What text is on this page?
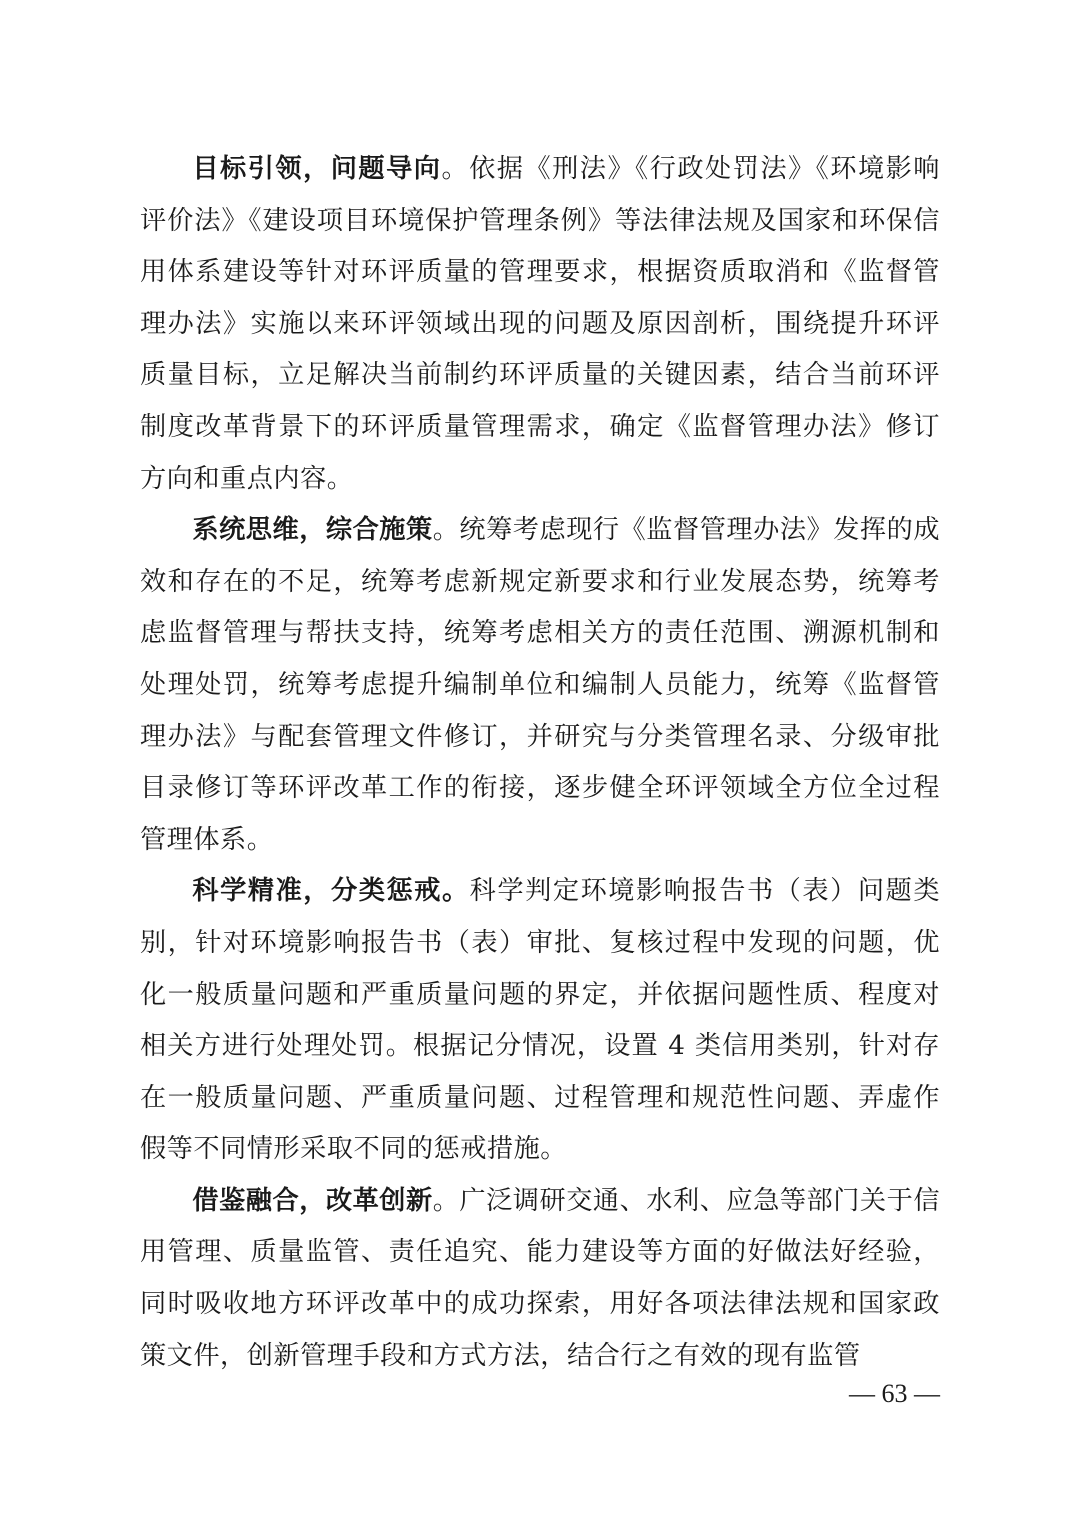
目标引领，问题导向。依据《刑法》《行政处罚法》《环境影响评价法》《建设项目环境保护管理条例》等法律法规及国家和环保信用体系建设等针对环评质量的管理要求，根据资质取消和《监督管理办法》实施以来环评领域出现的问题及原因剖析，围绕提升环评质量目标，立足解决当前制约环评质量的关键因素，结合当前环评制度改革背景下的环评质量管理需求，确定《监督管理办法》修订方向和重点内容。

系统思维，综合施策。统筹考虑现行《监督管理办法》发挥的成效和存在的不足，统筹考虑新规定新要求和行业发展态势，统筹考虑监督管理与帮扶支持，统筹考虑相关方的责任范围、溯源机制和处理处罚，统筹考虑提升编制单位和编制人员能力，统筹《监督管理办法》与配套管理文件修订，并研究与分类管理名录、分级审批目录修订等环评改革工作的衔接，逐步健全环评领域全方位全过程管理体系。

科学精准，分类惩戒。科学判定环境影响报告书（表）问题类别，针对环境影响报告书（表）审批、复核过程中发现的问题，优化一般质量问题和严重质量问题的界定，并依据问题性质、程度对相关方进行处理处罚。根据记分情况，设置 4 类信用类别，针对存在一般质量问题、严重质量问题、过程管理和规范性问题、弄虚作假等不同情形采取不同的惩戒措施。

借鉴融合，改革创新。广泛调研交通、水利、应急等部门关于信用管理、质量监管、责任追究、能力建设等方面的好做法好经验，同时吸收地方环评改革中的成功探索，用好各项法律法规和国家政策文件，创新管理手段和方式方法，结合行之有效的现有监管

— 63 —
